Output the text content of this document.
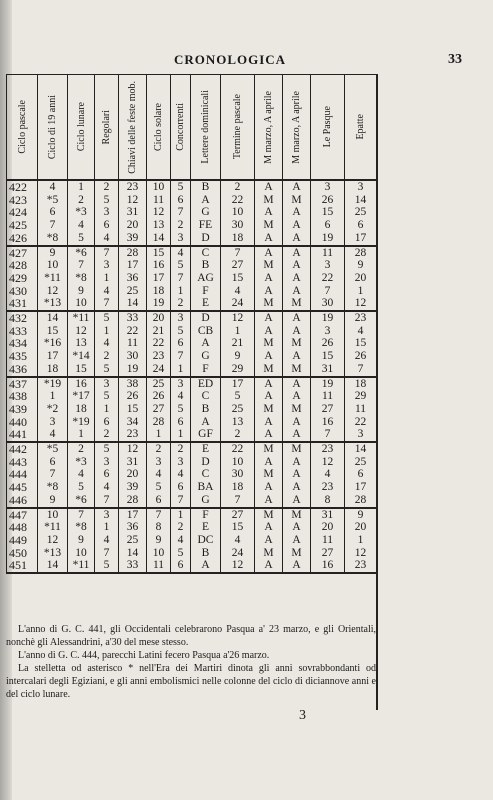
CRONOLOGICA	33
Ciclo pascale	Ciclo di 19 anni	Ciclo lunare	Regolari	Chiavi delle feste mob.	Ciclo solare	Concorrenti	Lettere dominicali	Termine pascale	M marzo, A aprile	M marzo, A aprile	Le Pasque	Epatte

422	4	1	2	23	10	5	B	2	A	A	3	3
423	*5	2	5	12	11	6	A	22	M	M	26	14
424	6	*3	3	31	12	7	G	10	A	A	15	25
425	7	4	6	20	13	2	FE	30	M	A	6	6
426	*8	5	4	39	14	3	D	18	A	A	19	17
427	9	*6	7	28	15	4	C	7	A	A	11	28
428	10	7	3	17	16	5	B	27	M	A	3	9
429	*11	*8	1	36	17	7	AG	15	A	A	22	20
430	12	9	4	25	18	1	F	4	A	A	7	1
431	*13	10	7	14	19	2	E	24	M	M	30	12
432	14	*11	5	33	20	3	D	12	A	A	19	23
433	15	12	1	22	21	5	CB	1	A	A	3	4
434	*16	13	4	11	22	6	A	21	M	M	26	15
435	17	*14	2	30	23	7	G	9	A	A	15	26
436	18	15	5	19	24	1	F	29	M	M	31	7
437	*19	16	3	38	25	3	ED	17	A	A	19	18
438	1	*17	5	26	26	4	C	5	A	A	11	29
439	*2	18	1	15	27	5	B	25	M	M	27	11
440	3	*19	6	34	28	6	A	13	A	A	16	22
441	4	1	2	23	1	1	GF	2	A	A	7	3
442	*5	2	5	12	2	2	E	22	M	M	23	14
443	6	*3	3	31	3	3	D	10	A	A	12	25
444	7	4	6	20	4	4	C	30	M	A	4	6
445	*8	5	4	39	5	6	BA	18	A	A	23	17
446	9	*6	7	28	6	7	G	7	A	A	8	28
447	10	7	3	17	7	1	F	27	M	M	31	9
448	*11	*8	1	36	8	2	E	15	A	A	20	20
449	12	9	4	25	9	4	DC	4	A	A	11	1
450	*13	10	7	14	10	5	B	24	M	M	27	12
451	14	*11	5	33	11	6	A	12	A	A	16	23

L'anno di G. C. 441, gli Occidentali celebrarono Pasqua a' 23 marzo, e gli Orientali, nonchè gli Alessandrini, a'30 del mese stesso.

L'anno di G. C. 444, parecchi Latini fecero Pasqua a'26 marzo.

La stelletta od asterisco * nell'Era dei Martiri dinota gli anni sovrabbondanti od intercalari degli Egiziani, e gli anni embolismici nelle colonne del ciclo di diciannove anni e del ciclo lunare.

3
